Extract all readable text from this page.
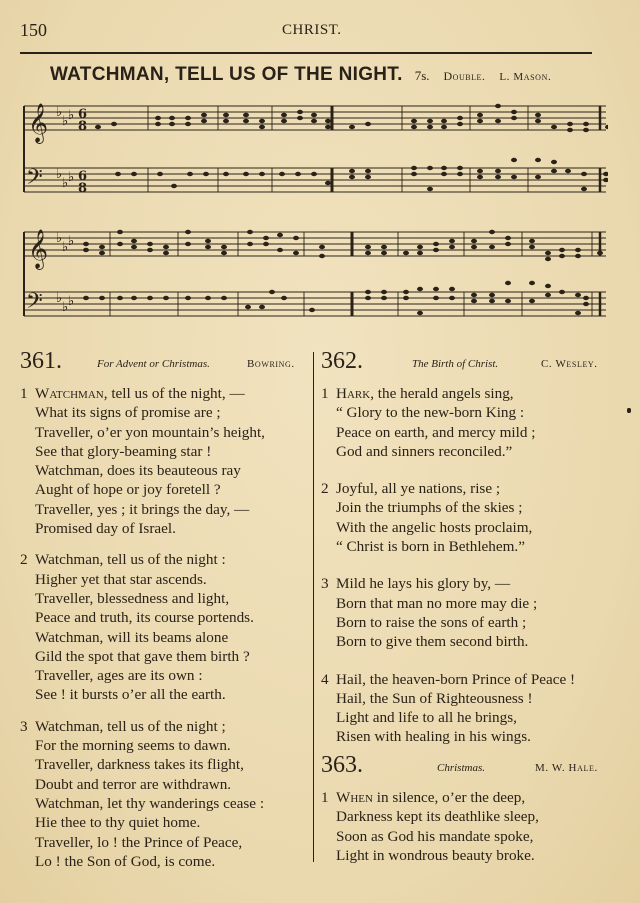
150	CHRIST.
WATCHMAN, TELL US OF THE NIGHT. 7s. Double. L. Mason.
𝄞
𝄢
♭
♭ ♭
♭
♭ ♭
6
8
6
8
𝄞
𝄢
♭
♭ ♭
♭
♭ ♭
361.	For Advent or Christmas.	Bowring.
1 Watchman, tell us of the night, —
What its signs of promise are ;
Traveller, o’er yon mountain’s height,
See that glory-beaming star !
Watchman, does its beauteous ray
Aught of hope or joy foretell ?
Traveller, yes ; it brings the day, —
Promised day of Israel.
2 Watchman, tell us of the night :
Higher yet that star ascends.
Traveller, blessedness and light,
Peace and truth, its course portends.
Watchman, will its beams alone
Gild the spot that gave them birth ?
Traveller, ages are its own :
See ! it bursts o’er all the earth.
3 Watchman, tell us of the night ;
For the morning seems to dawn.
Traveller, darkness takes its flight,
Doubt and terror are withdrawn.
Watchman, let thy wanderings cease :
Hie thee to thy quiet home.
Traveller, lo ! the Prince of Peace,
Lo ! the Son of God, is come.
362.	The Birth of Christ.	C. Wesley.
1 Hark, the herald angels sing,
“ Glory to the new-born King :
Peace on earth, and mercy mild ;
God and sinners reconciled.”
2 Joyful, all ye nations, rise ;
Join the triumphs of the skies ;
With the angelic hosts proclaim,
“ Christ is born in Bethlehem.”
3 Mild he lays his glory by, —
Born that man no more may die ;
Born to raise the sons of earth ;
Born to give them second birth.
4 Hail, the heaven-born Prince of Peace !
Hail, the Sun of Righteousness !
Light and life to all he brings,
Risen with healing in his wings.
363.	Christmas.	M. W. Hale.
1 When in silence, o’er the deep,
Darkness kept its deathlike sleep,
Soon as God his mandate spoke,
Light in wondrous beauty broke.
